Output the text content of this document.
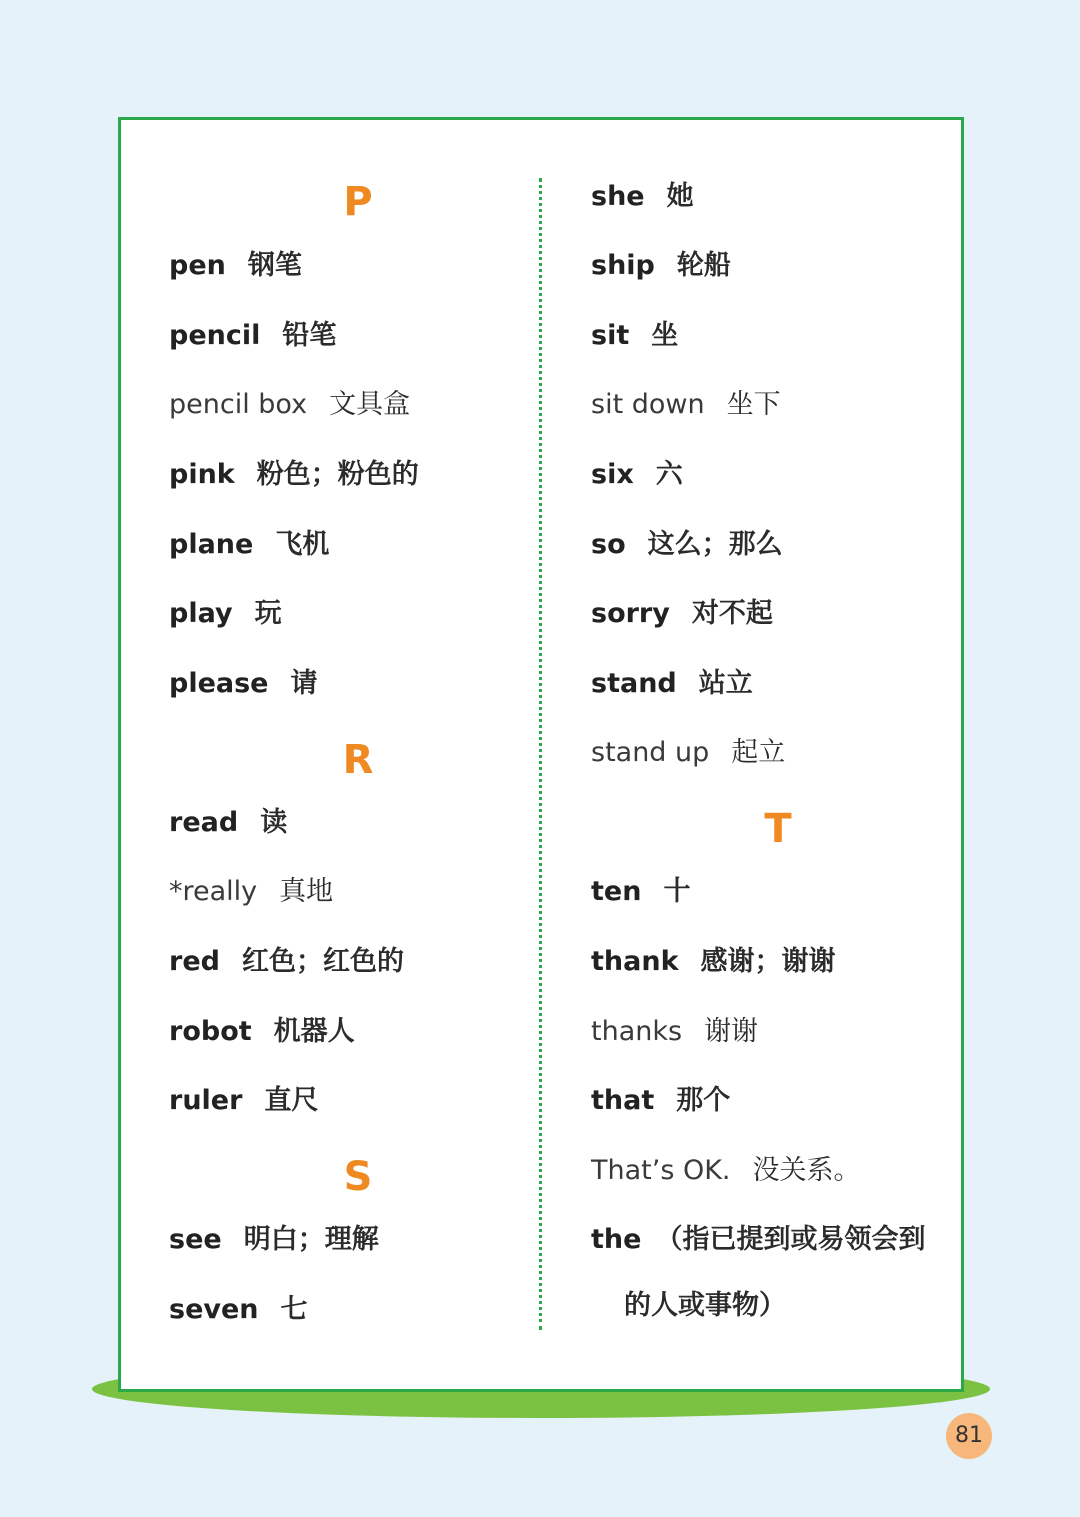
P
pen 钢笔
pencil 铅笔
pencil box 文具盒
pink 粉色；粉色的
plane 飞机
play 玩
please 请
R
read 读
*really 真地
red 红色；红色的
robot 机器人
ruler 直尺
S
see 明白；理解
seven 七
she 她
ship 轮船
sit 坐
sit down 坐下
six 六
so 这么；那么
sorry 对不起
stand 站立
stand up 起立
T
ten 十
thank 感谢；谢谢
thanks 谢谢
that 那个
That’s OK. 没关系。
the （指已提到或易领会到
的人或事物）
81
